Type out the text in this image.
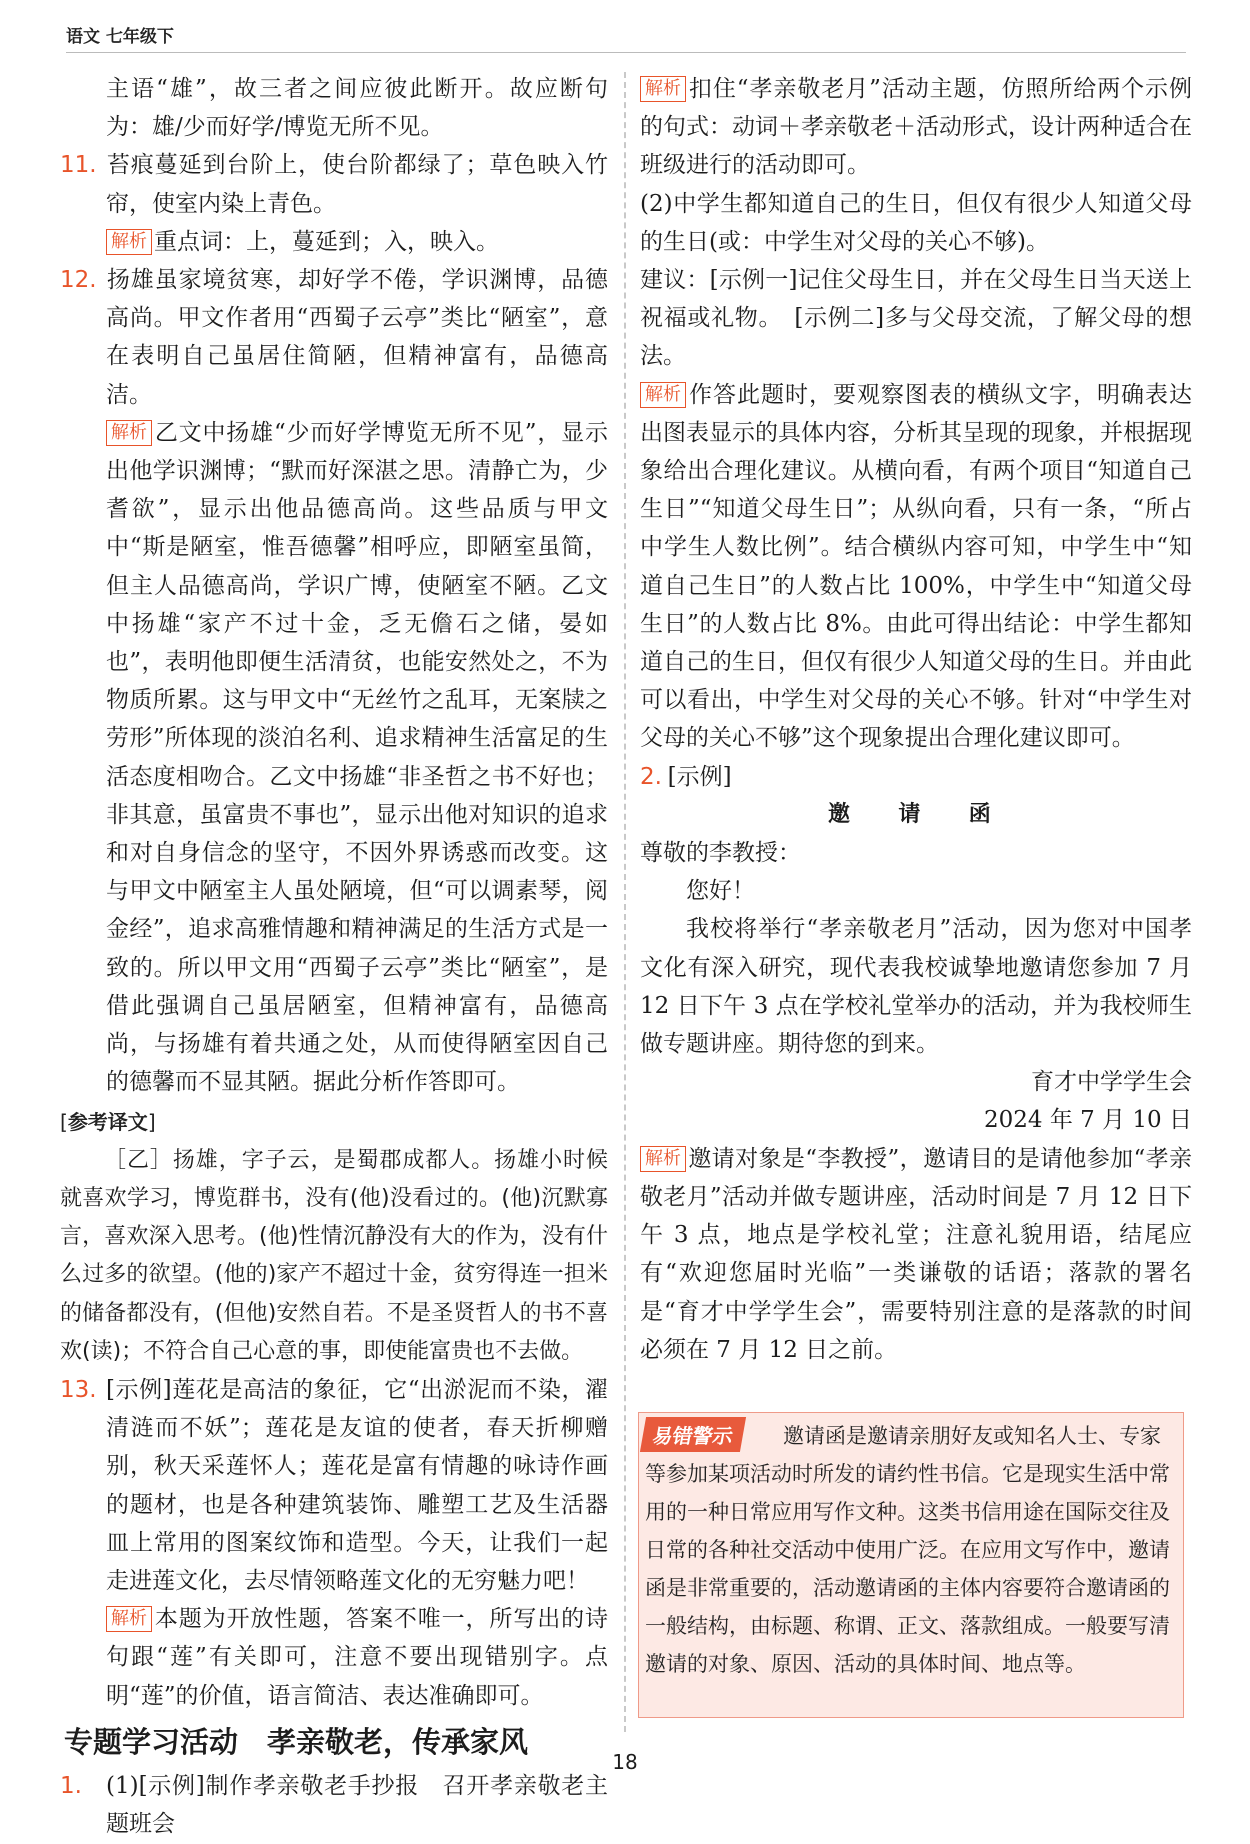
语文 七年级下

主语“雄”，故三者之间应彼此断开。故应断句为：雄/少而好学/博览无所不见。

11. 苔痕蔓延到台阶上，使台阶都绿了；草色映入竹帘，使室内染上青色。

解析 重点词：上，蔓延到；入，映入。

12. 扬雄虽家境贫寒，却好学不倦，学识渊博，品德高尚。甲文作者用“西蜀子云亭”类比“陋室”，意在表明自己虽居住简陋，但精神富有，品德高洁。

解析 乙文中扬雄“少而好学博览无所不见”，显示出他学识渊博；“默而好深湛之思。清静亡为，少耆欲”，显示出他品德高尚。这些品质与甲文中“斯是陋室，惟吾德馨”相呼应，即陋室虽简，但主人品德高尚，学识广博，使陋室不陋。乙文中扬雄“家产不过十金，乏无儋石之储，晏如也”，表明他即便生活清贫，也能安然处之，不为物质所累。这与甲文中“无丝竹之乱耳，无案牍之劳形”所体现的淡泊名利、追求精神生活富足的生活态度相吻合。乙文中扬雄“非圣哲之书不好也；非其意，虽富贵不事也”，显示出他对知识的追求和对自身信念的坚守，不因外界诱惑而改变。这与甲文中陋室主人虽处陋境，但“可以调素琴，阅金经”，追求高雅情趣和精神满足的生活方式是一致的。所以甲文用“西蜀子云亭”类比“陋室”，是借此强调自己虽居陋室，但精神富有，品德高尚，与扬雄有着共通之处，从而使得陋室因自己的德馨而不显其陋。据此分析作答即可。

[ 参考译文 ]

［乙］扬雄，字子云，是蜀郡成都人。扬雄小时候就喜欢学习，博览群书，没有(他)没看过的。(他)沉默寡言，喜欢深入思考。(他)性情沉静没有大的作为，没有什么过多的欲望。(他的)家产不超过十金，贫穷得连一担米的储备都没有，(但他)安然自若。不是圣贤哲人的书不喜欢(读)；不符合自己心意的事，即使能富贵也不去做。

13. [示例]莲花是高洁的象征，它“出淤泥而不染，濯清涟而不妖”；莲花是友谊的使者，春天折柳赠别，秋天采莲怀人；莲花是富有情趣的咏诗作画的题材，也是各种建筑装饰、雕塑工艺及生活器皿上常用的图案纹饰和造型。今天，让我们一起走进莲文化，去尽情领略莲文化的无穷魅力吧！

解析 本题为开放性题，答案不唯一，所写出的诗句跟“莲”有关即可，注意不要出现错别字。点明“莲”的价值，语言简洁、表达准确即可。

专题学习活动　孝亲敬老，传承家风

1. (1)[示例]制作孝亲敬老手抄报　召开孝亲敬老主题班会

解析 扣住“孝亲敬老月”活动主题，仿照所给两个示例的句式：动词＋孝亲敬老＋活动形式，设计两种适合在班级进行的活动即可。

(2)中学生都知道自己的生日，但仅有很少人知道父母的生日(或：中学生对父母的关心不够)。

建议：[示例一]记住父母生日，并在父母生日当天送上祝福或礼物。　[示例二]多与父母交流，了解父母的想法。

解析 作答此题时，要观察图表的横纵文字，明确表达出图表显示的具体内容，分析其呈现的现象，并根据现象给出合理化建议。从横向看，有两个项目“知道自己生日”“知道父母生日”；从纵向看，只有一条，“所占中学生人数比例”。结合横纵内容可知，中学生中“知道自己生日”的人数占比 100%，中学生中“知道父母生日”的人数占比 8%。由此可得出结论：中学生都知道自己的生日，但仅有很少人知道父母的生日。并由此可以看出，中学生对父母的关心不够。针对“中学生对父母的关心不够”这个现象提出合理化建议即可。

2. [示例]

邀　请　函

尊敬的李教授：

您好！

我校将举行“孝亲敬老月”活动，因为您对中国孝文化有深入研究，现代表我校诚挚地邀请您参加 7 月 12 日下午 3 点在学校礼堂举办的活动，并为我校师生做专题讲座。期待您的到来。

育才中学学生会

2024 年 7 月 10 日

解析 邀请对象是“李教授”，邀请目的是请他参加“孝亲敬老月”活动并做专题讲座，活动时间是 7 月 12 日下午 3 点，地点是学校礼堂；注意礼貌用语，结尾应有“欢迎您届时光临”一类谦敬的话语；落款的署名是“育才中学学生会”，需要特别注意的是落款的时间必须在 7 月 12 日之前。

易错警示	邀请函是邀请亲朋好友或知名人士、专家等参加某项活动时所发的请约性书信。它是现实生活中常用的一种日常应用写作文种。这类书信用途在国际交往及日常的各种社交活动中使用广泛。在应用文写作中，邀请函是非常重要的，活动邀请函的主体内容要符合邀请函的一般结构，由标题、称谓、正文、落款组成。一般要写清邀请的对象、原因、活动的具体时间、地点等。
18
